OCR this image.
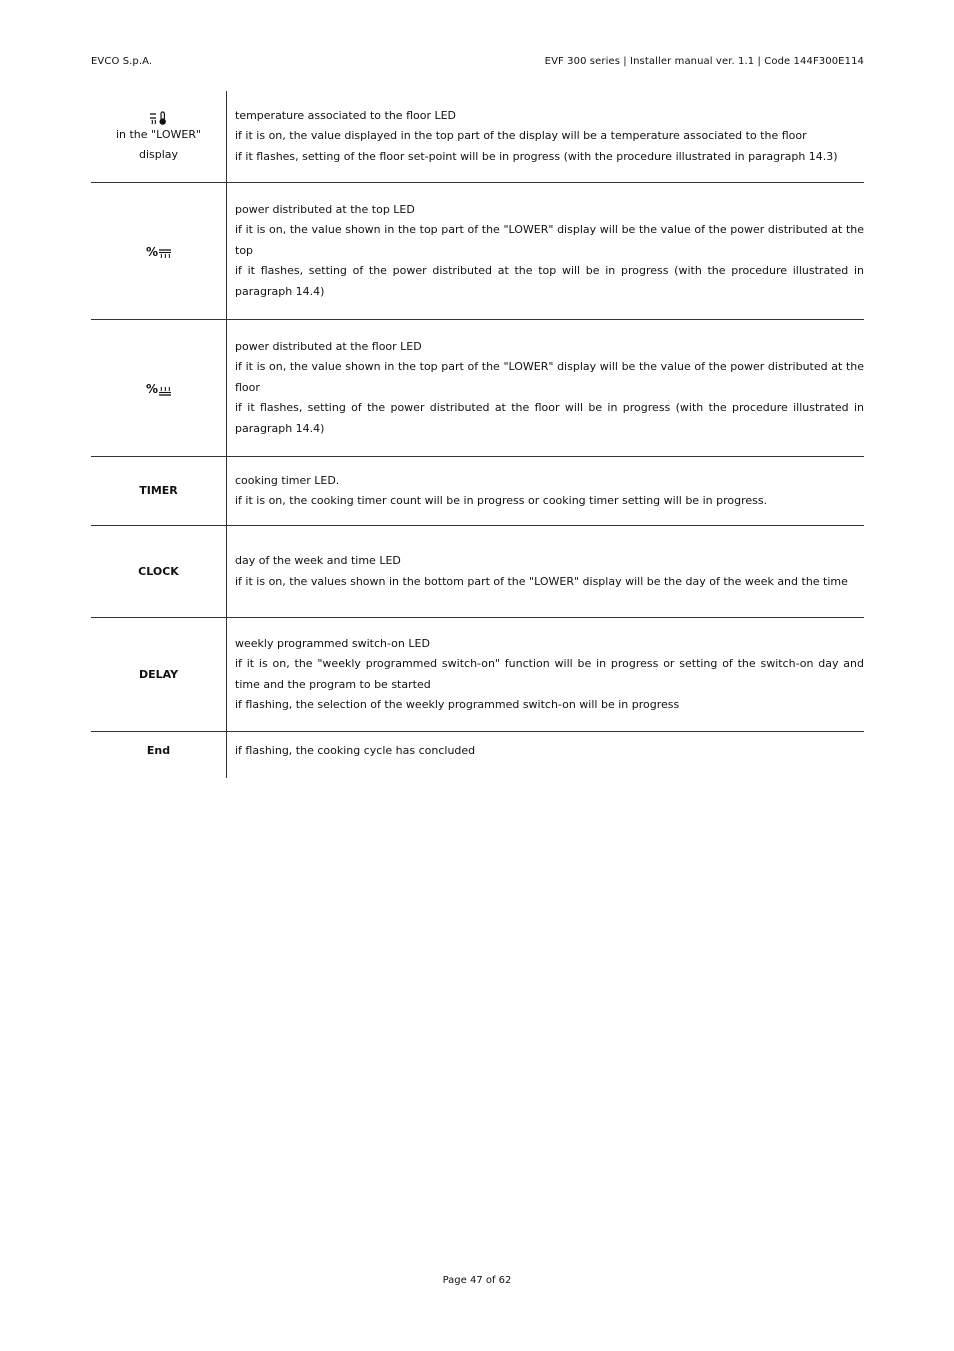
EVCO S.p.A.	EVF 300 series | Installer manual ver. 1.1 | Code 144F300E114
in the "LOWER"
display

temperature associated to the floor LED

if it is on, the value displayed in the top part of the display will be a temperature associated to the floor

if it flashes, setting of the floor set-point will be in progress (with the procedure illustrated in paragraph 14.3)

%

power distributed at the top LED

if it is on, the value shown in the top part of the "LOWER" display will be the value of the power distributed at the top

if it flashes, setting of the power distributed at the top will be in progress (with the procedure illustrated in paragraph 14.4)

%

power distributed at the floor LED

if it is on, the value shown in the top part of the "LOWER" display will be the value of the power distributed at the floor

if it flashes, setting of the power distributed at the floor will be in progress (with the procedure illustrated in paragraph 14.4)

TIMER

cooking timer LED.

if it is on, the cooking timer count will be in progress or cooking timer setting will be in progress.

CLOCK

day of the week and time LED

if it is on, the values shown in the bottom part of the "LOWER" display will be the day of the week and the time

DELAY

weekly programmed switch-on LED

if it is on, the "weekly programmed switch-on" function will be in progress or setting of the switch-on day and time and the program to be started

if flashing, the selection of the weekly programmed switch-on will be in progress

End	if flashing, the cooking cycle has concluded

Page 47 of 62
